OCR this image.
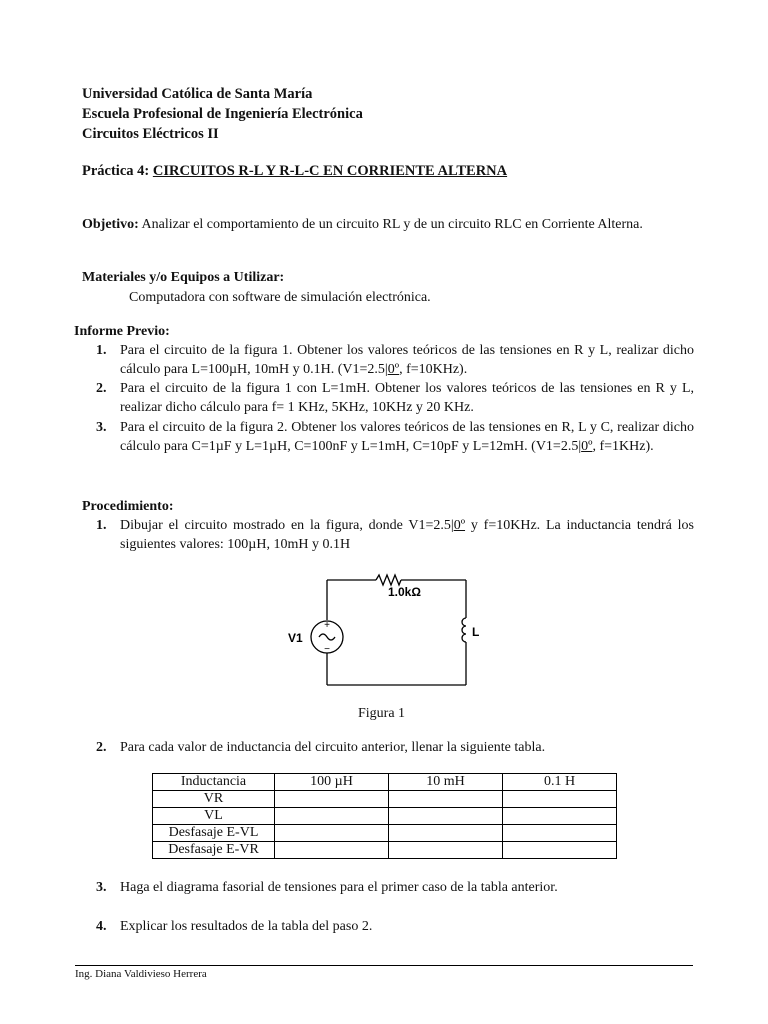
Universidad Católica de Santa María
Escuela Profesional de Ingeniería Electrónica
Circuitos Eléctricos II
Práctica 4: CIRCUITOS R-L Y R-L-C EN CORRIENTE ALTERNA
Objetivo: Analizar el comportamiento de un circuito RL y de un circuito RLC en Corriente Alterna.
Materiales y/o Equipos a Utilizar:
Computadora con software de simulación electrónica.
Informe Previo:
1. Para el circuito de la figura 1. Obtener los valores teóricos de las tensiones en R y L, realizar dicho cálculo para L=100µH, 10mH y 0.1H. (V1=2.5|0º, f=10KHz).
2. Para el circuito de la figura 1 con L=1mH. Obtener los valores teóricos de las tensiones en R y L, realizar dicho cálculo para f= 1 KHz, 5KHz, 10KHz y 20 KHz.
3. Para el circuito de la figura 2. Obtener los valores teóricos de las tensiones en R, L y C, realizar dicho cálculo para C=1µF y L=1µH, C=100nF y L=1mH, C=10pF y L=12mH. (V1=2.5|0º, f=1KHz).
Procedimiento:
1. Dibujar el circuito mostrado en la figura, donde V1=2.5|0º y f=10KHz. La inductancia tendrá los siguientes valores: 100µH, 10mH y 0.1H
+
−
1.0kΩ
V1	L
Figura 1
2. Para cada valor de inductancia del circuito anterior, llenar la siguiente tabla.
Inductancia	100 µH	10 mH	0.1 H
VR			
VL			
Desfasaje E-VL			
Desfasaje E-VR			
3. Haga el diagrama fasorial de tensiones para el primer caso de la tabla anterior.
4. Explicar los resultados de la tabla del paso 2.
Ing. Diana Valdivieso Herrera
